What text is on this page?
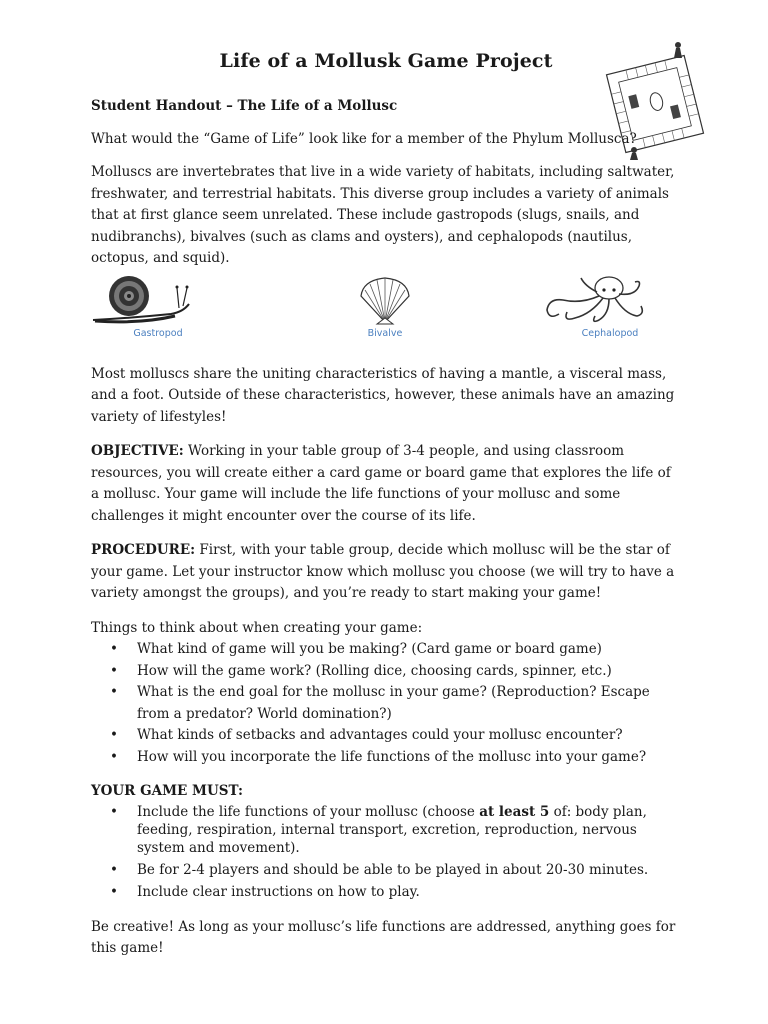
Life of a Mollusk Game Project

Student Handout – The Life of a Mollusc

What would the “Game of Life” look like for a member of the Phylum Mollusca?

Molluscs are invertebrates that live in a wide variety of habitats, including saltwater, freshwater, and terrestrial habitats. This diverse group includes a variety of animals that at first glance seem unrelated. These include gastropods (slugs, snails, and nudibranchs), bivalves (such as clams and oysters), and cephalopods (nautilus, octopus, and squid).

Gastropod	Bivalve	Cephalopod

Most molluscs share the uniting characteristics of having a mantle, a visceral mass, and a foot. Outside of these characteristics, however, these animals have an amazing variety of lifestyles!

OBJECTIVE: Working in your table group of 3-4 people, and using classroom resources, you will create either a card game or board game that explores the life of a mollusc. Your game will include the life functions of your mollusc and some challenges it might encounter over the course of its life.

PROCEDURE: First, with your table group, decide which mollusc will be the star of your game. Let your instructor know which mollusc you choose (we will try to have a variety amongst the groups), and you’re ready to start making your game!

Things to think about when creating your game:

• What kind of game will you be making? (Card game or board game)
• How will the game work? (Rolling dice, choosing cards, spinner, etc.)
• What is the end goal for the mollusc in your game? (Reproduction? Escape from a predator? World domination?)
• What kinds of setbacks and advantages could your mollusc encounter?
• How will you incorporate the life functions of the mollusc into your game?

YOUR GAME MUST:

• Include the life functions of your mollusc (choose at least 5 of: body plan, feeding, respiration, internal transport, excretion, reproduction, nervous system and movement).
• Be for 2-4 players and should be able to be played in about 20-30 minutes.
• Include clear instructions on how to play.

Be creative! As long as your mollusc’s life functions are addressed, anything goes for this game!
